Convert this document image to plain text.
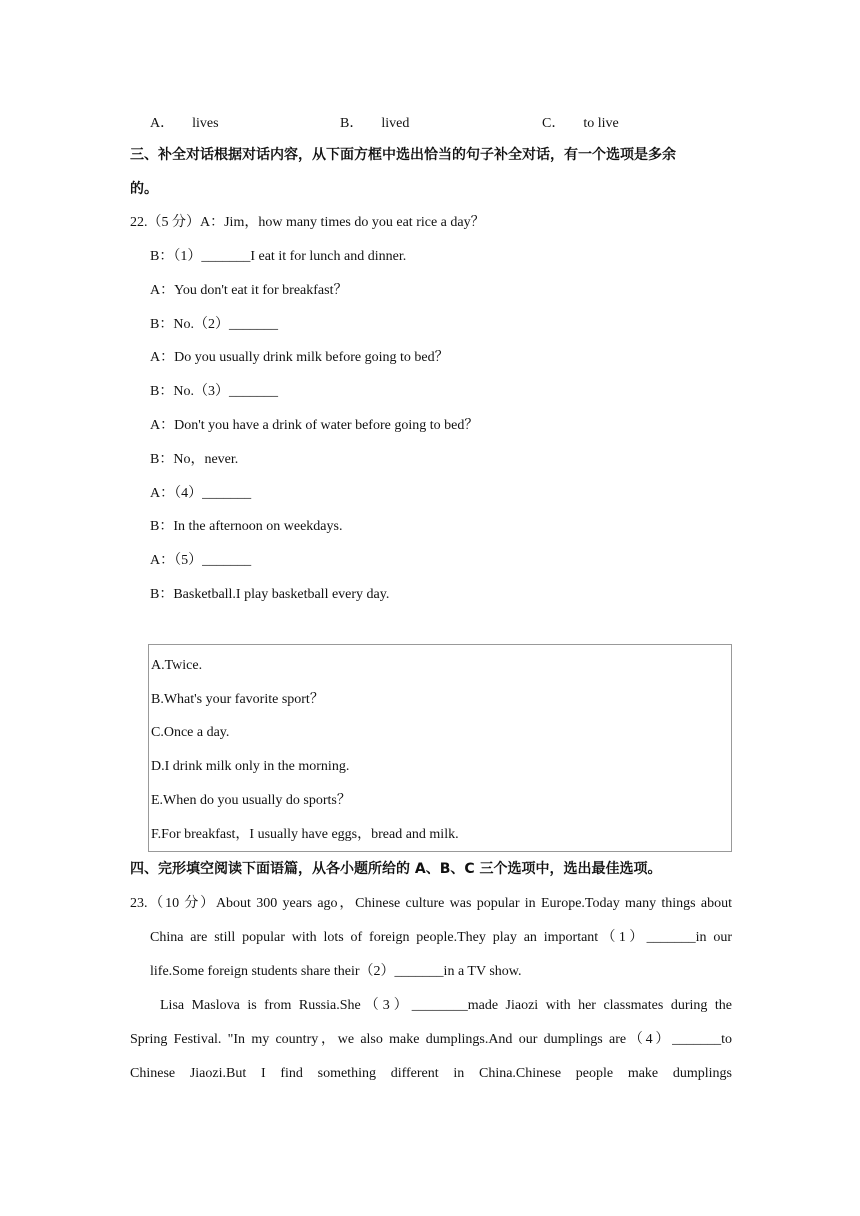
A． lives	B． lived	C． to live
三、补全对话根据对话内容，从下面方框中选出恰当的句子补全对话，有一个选项是多余
的。
22.（5 分）A：Jim，how many times do you eat rice a day？
B：（1）_______I eat it for lunch and dinner.
A：You don't eat it for breakfast？
B：No.（2）_______
A：Do you usually drink milk before going to bed？
B：No.（3）_______
A：Don't you have a drink of water before going to bed？
B：No，never.
A：（4）_______
B：In the afternoon on weekdays.
A：（5）_______
B：Basketball.I play basketball every day.
A.Twice.
B.What's your favorite sport？
C.Once a day.
D.I drink milk only in the morning.
E.When do you usually do sports？
F.For breakfast，I usually have eggs，bread and milk.
四、完形填空阅读下面语篇，从各小题所给的 A、B、C 三个选项中，选出最佳选项。
23.（10 分）About 300 years ago，Chinese culture was popular in Europe.Today many things about
China are still popular with lots of foreign people.They play an important（1）_______in our
life.Some foreign students share their（2）_______in a TV show.
Lisa Maslova is from Russia.She（3）________made Jiaozi with her classmates during the
Spring Festival. "In my country，we also make dumplings.And our dumplings are（4）_______to
Chinese Jiaozi.But I find something different in China.Chinese people make dumplings
